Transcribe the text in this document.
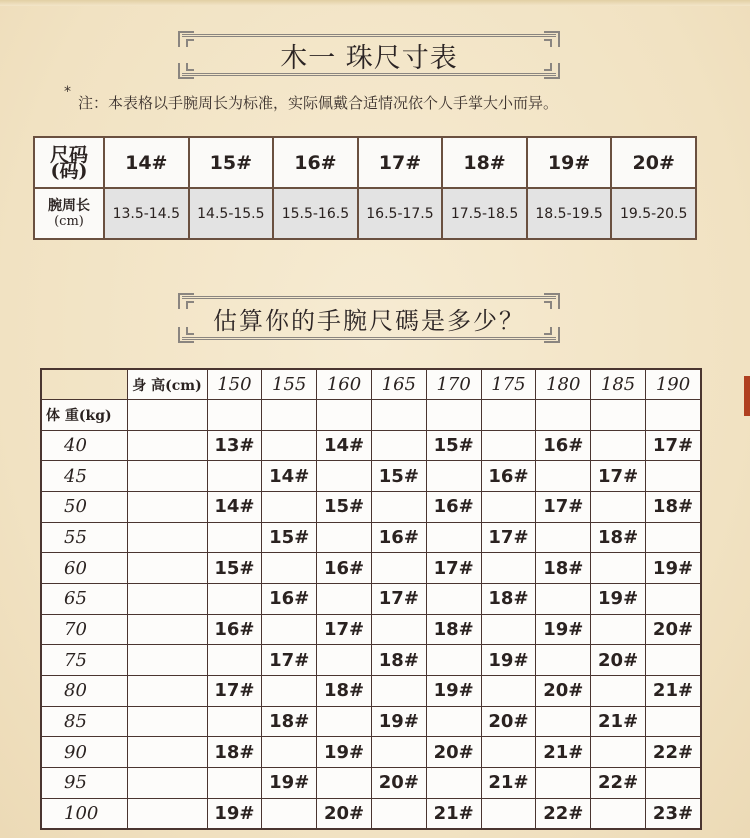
木一 珠尺寸表
*
注：本表格以手腕周长为标准，实际佩戴合适情况依个人手掌大小而异。
尺码(码)	14#	15#	16#	17#	18#	19#	20#

腕周长
(cm)	13.5-14.5	14.5-15.5	15.5-16.5	16.5-17.5	17.5-18.5	18.5-19.5	19.5-20.5
估算你的手腕尺碼是多少？
	身 高(cm)	150	155	160	165	170	175	180	185	190
体 重(kg)										
40		13#		14#		15#		16#		17#
45			14#		15#		16#		17#	
50		14#		15#		16#		17#		18#
55			15#		16#		17#		18#	
60		15#		16#		17#		18#		19#
65			16#		17#		18#		19#	
70		16#		17#		18#		19#		20#
75			17#		18#		19#		20#	
80		17#		18#		19#		20#		21#
85			18#		19#		20#		21#	
90		18#		19#		20#		21#		22#
95			19#		20#		21#		22#	
100		19#		20#		21#		22#		23#
